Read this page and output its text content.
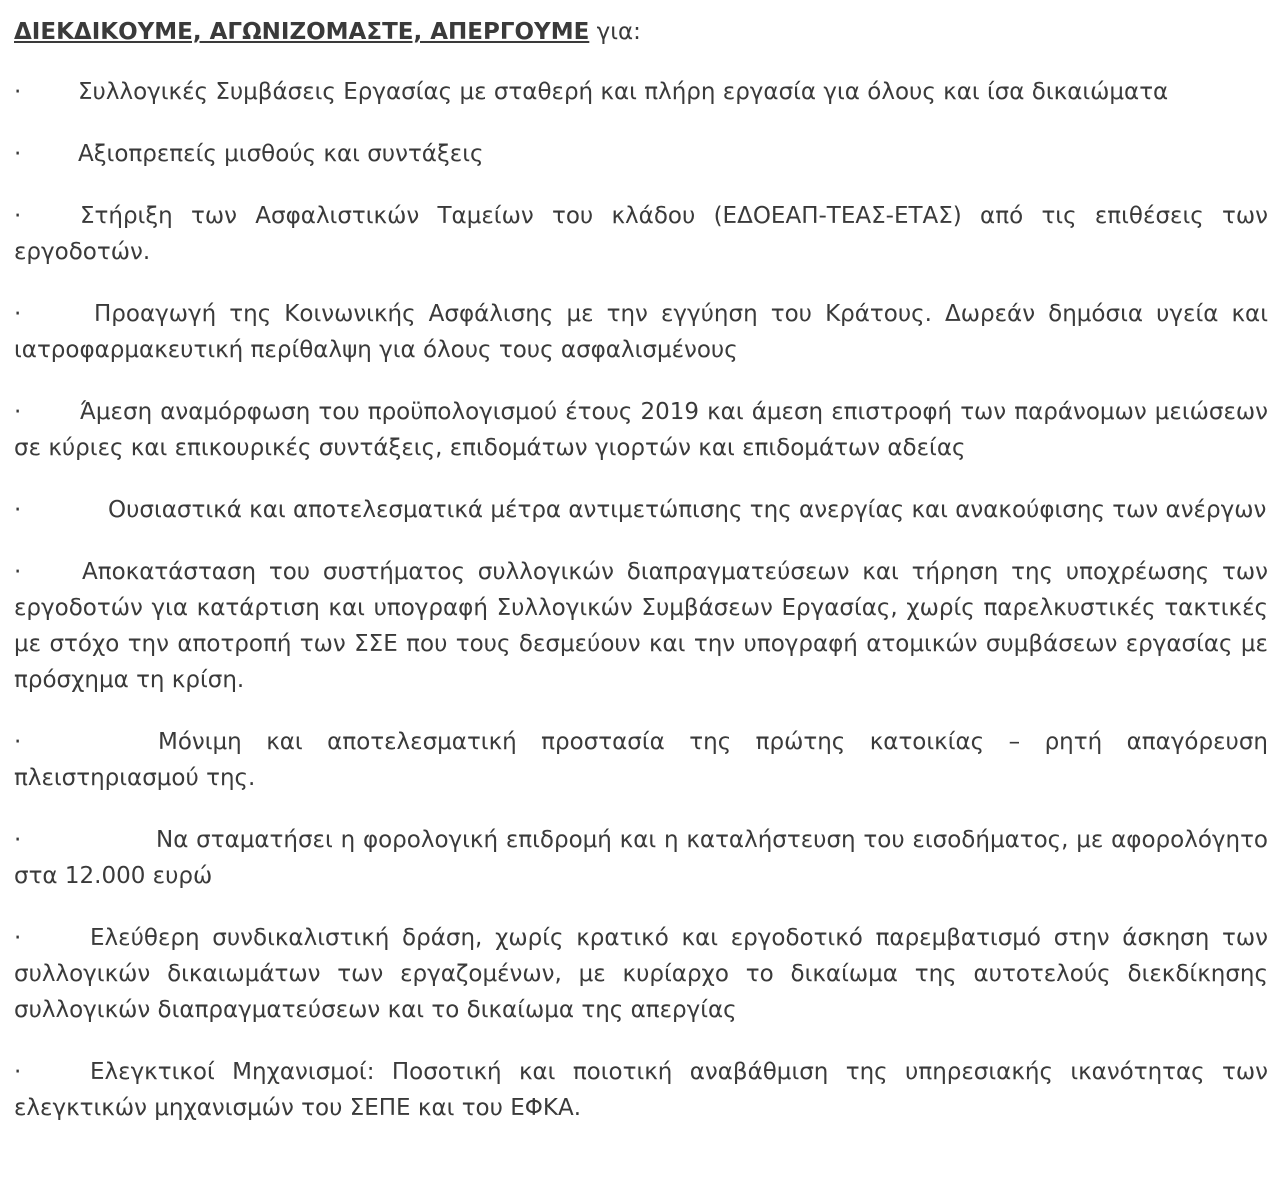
ΔΙΕΚΔΙΚΟΥΜΕ, ΑΓΩΝΙΖΟΜΑΣΤΕ, ΑΠΕΡΓΟΥΜΕ για:

· Συλλογικές Συμβάσεις Εργασίας με σταθερή και πλήρη εργασία για όλους και ίσα δικαιώματα

· Αξιοπρεπείς μισθούς και συντάξεις

·	Στήριξη των Ασφαλιστικών Ταμείων του κλάδου (ΕΔΟΕΑΠ-ΤΕΑΣ-ΕΤΑΣ) από τις επιθέσεις των εργοδοτών.

·	Προαγωγή της Κοινωνικής Ασφάλισης με την εγγύηση του Κράτους. Δωρεάν δημόσια υγεία και ιατροφαρμακευτική περίθαλψη για όλους τους ασφαλισμένους

·	Άμεση αναμόρφωση του προϋπολογισμού έτους 2019 και άμεση επιστροφή των παράνομων μειώσεων σε κύριες και επικουρικές συντάξεις, επιδομάτων γιορτών και επιδομάτων αδείας

·	Ουσιαστικά και αποτελεσματικά μέτρα αντιμετώπισης της ανεργίας και ανακούφισης των ανέργων

·	Αποκατάσταση του συστήματος συλλογικών διαπραγματεύσεων και τήρηση της υποχρέωσης των εργοδοτών για κατάρτιση και υπογραφή Συλλογικών Συμβάσεων Εργασίας, χωρίς παρελκυστικές τακτικές με στόχο την αποτροπή των ΣΣΕ που τους δεσμεύουν και την υπογραφή ατομικών συμβάσεων εργασίας με πρόσχημα τη κρίση.

·	Μόνιμη και αποτελεσματική προστασία της πρώτης κατοικίας – ρητή απαγόρευση πλειστηριασμού της.

·	Να σταματήσει η φορολογική επιδρομή και η καταλήστευση του εισοδήματος, με αφορολόγητο στα 12.000 ευρώ

·	Ελεύθερη συνδικαλιστική δράση, χωρίς κρατικό και εργοδοτικό παρεμβατισμό στην άσκηση των συλλογικών δικαιωμάτων των εργαζομένων, με κυρίαρχο το δικαίωμα της αυτοτελούς διεκδίκησης συλλογικών διαπραγματεύσεων και το δικαίωμα της απεργίας

·	Ελεγκτικοί Μηχανισμοί: Ποσοτική και ποιοτική αναβάθμιση της υπηρεσιακής ικανότητας των ελεγκτικών μηχανισμών του ΣΕΠΕ και του ΕΦΚΑ.
